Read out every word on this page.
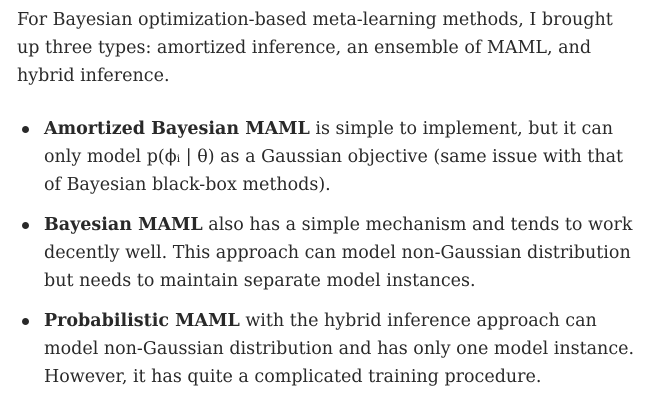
For Bayesian optimization-based meta-learning methods, I brought up three types: amortized inference, an ensemble of MAML, and hybrid inference.

Amortized Bayesian MAML is simple to implement, but it can only model p(ϕᵢ | θ) as a Gaussian objective (same issue with that of Bayesian black-box methods).
Bayesian MAML also has a simple mechanism and tends to work decently well. This approach can model non-Gaussian distribution but needs to maintain separate model instances.
Probabilistic MAML with the hybrid inference approach can model non-Gaussian distribution and has only one model instance. However, it has quite a complicated training procedure.
